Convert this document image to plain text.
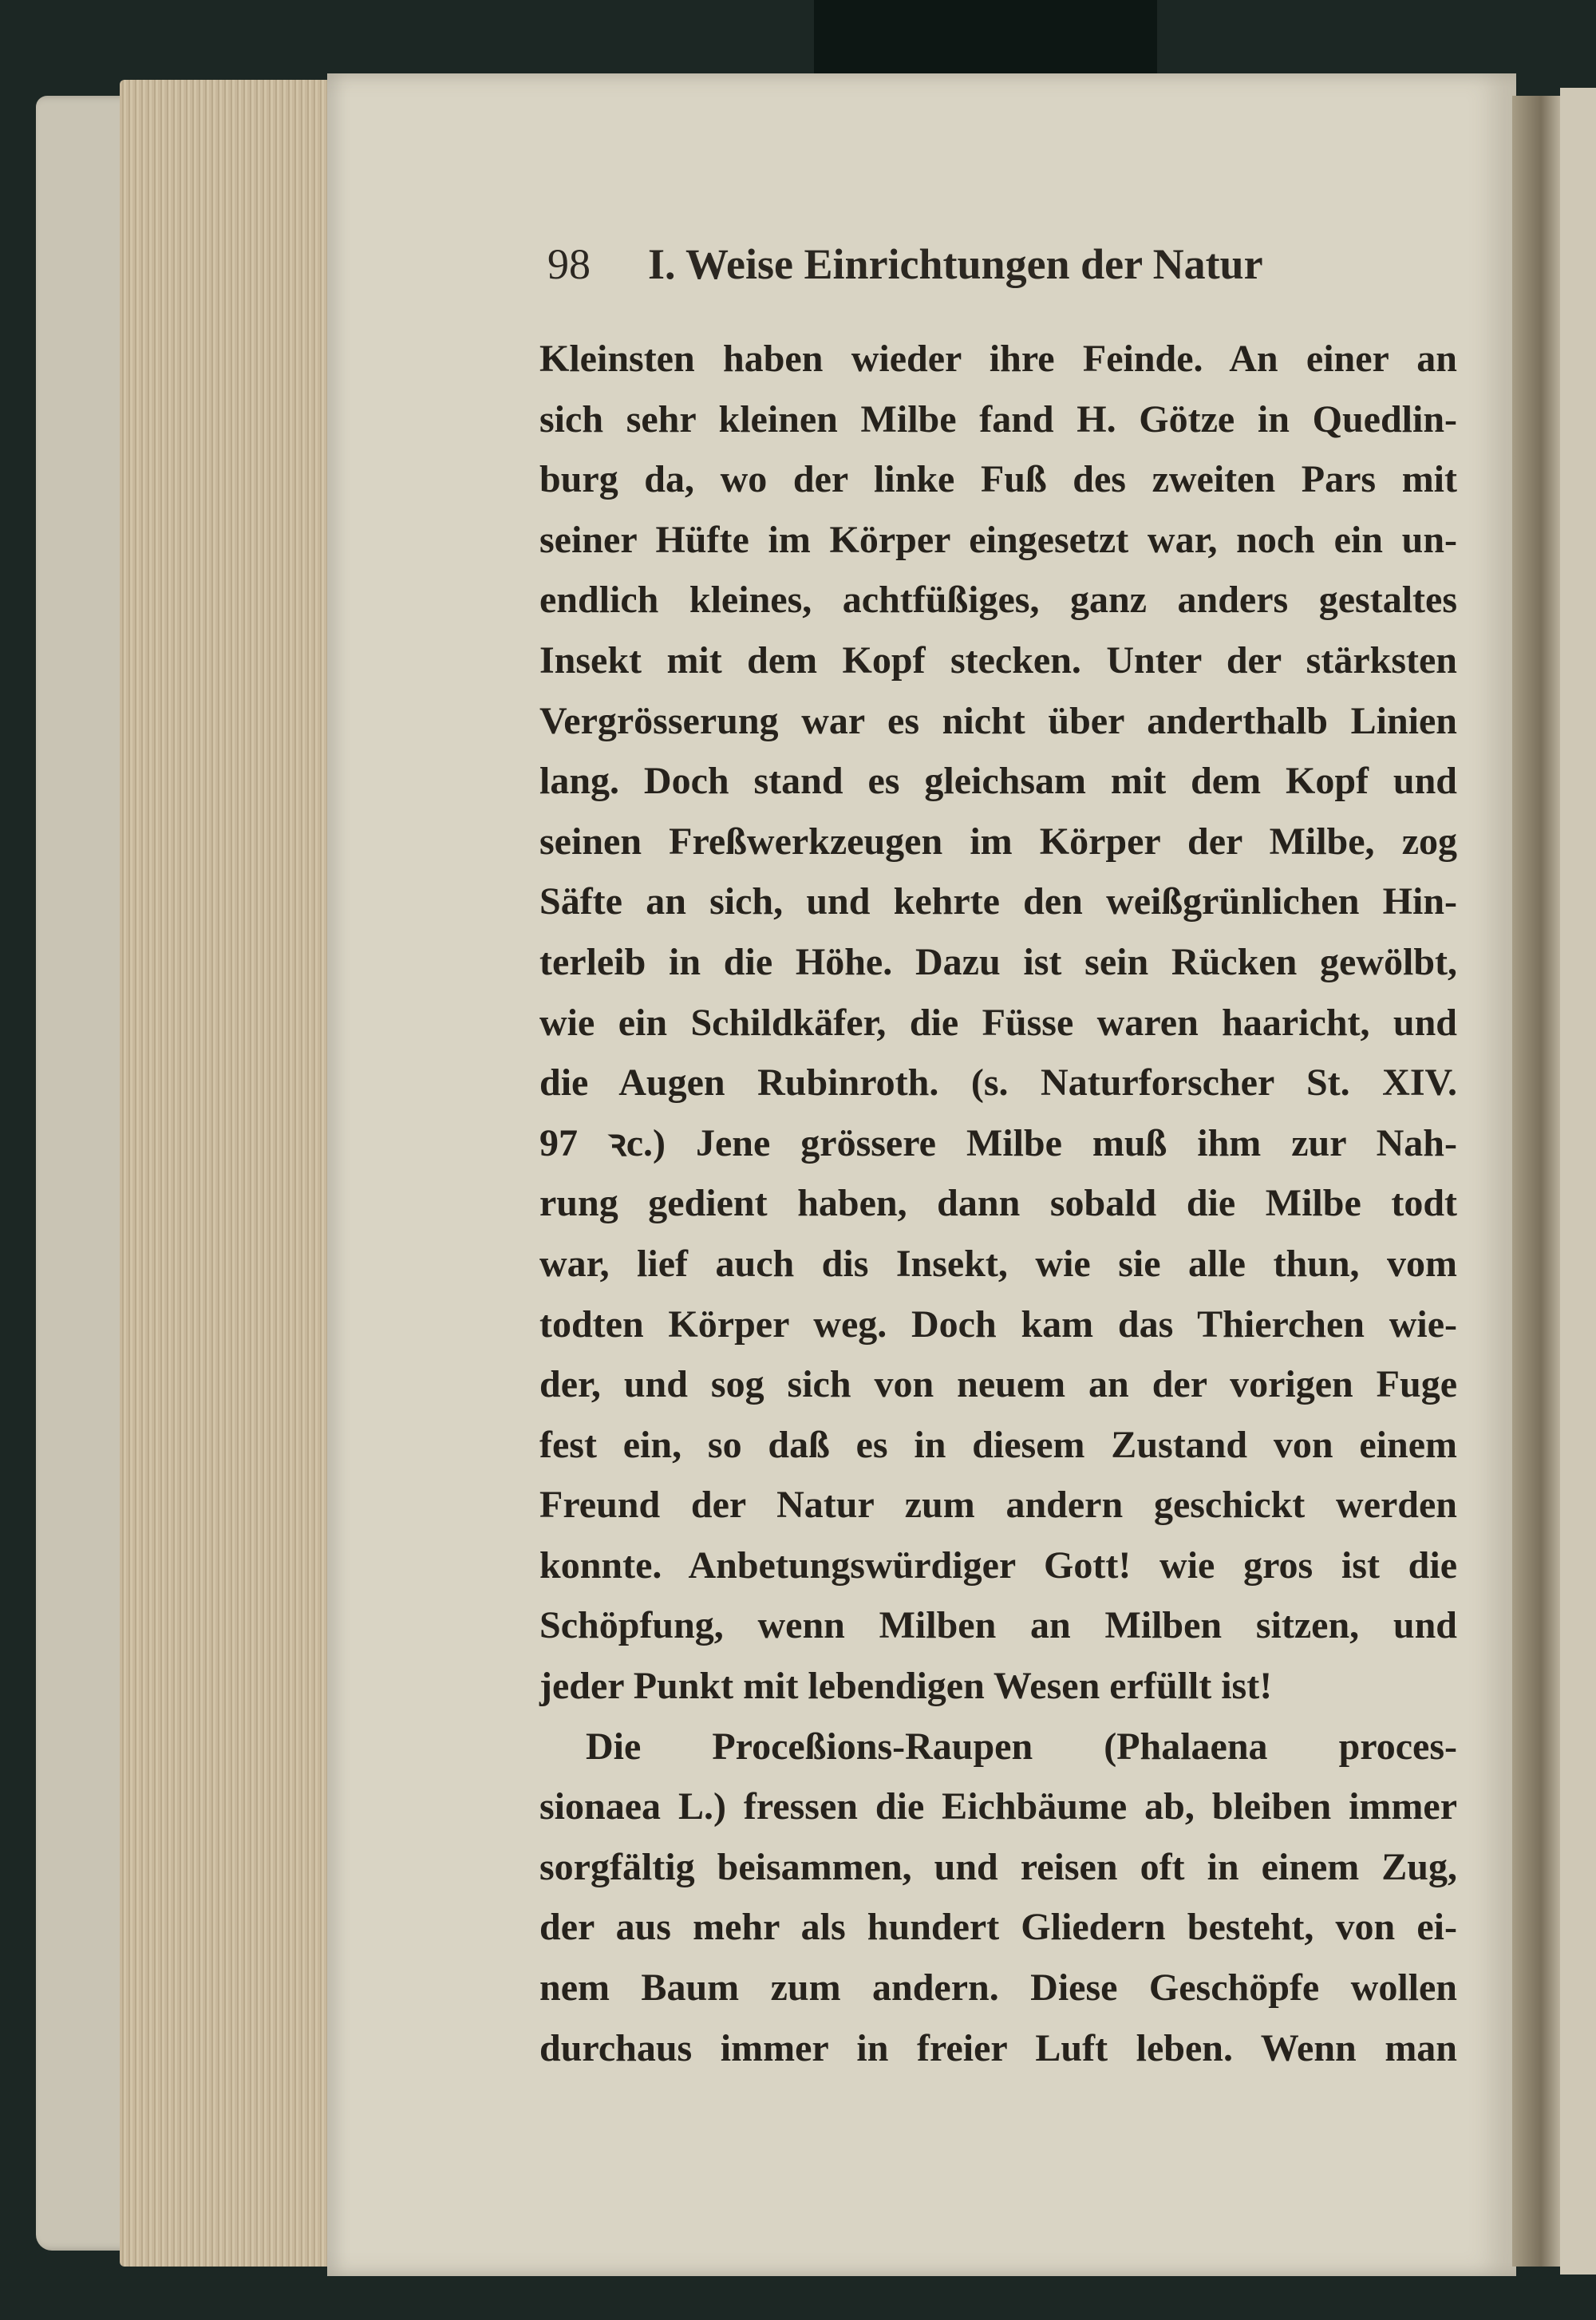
98 I. Weise Einrichtungen der Natur
Kleinsten haben wieder ihre Feinde. An einer an
sich sehr kleinen Milbe fand H. Götze in Quedlin-
burg da, wo der linke Fuß des zweiten Pars mit
seiner Hüfte im Körper eingesetzt war, noch ein un-
endlich kleines, achtfüßiges, ganz anders gestaltes
Insekt mit dem Kopf stecken. Unter der stärksten
Vergrösserung war es nicht über anderthalb Linien
lang. Doch stand es gleichsam mit dem Kopf und
seinen Freßwerkzeugen im Körper der Milbe, zog
Säfte an sich, und kehrte den weißgrünlichen Hin-
terleib in die Höhe. Dazu ist sein Rücken gewölbt,
wie ein Schildkäfer, die Füsse waren haaricht, und
die Augen Rubinroth. (s. Naturforscher St. XIV.
97 ꝛc.) Jene grössere Milbe muß ihm zur Nah-
rung gedient haben, dann sobald die Milbe todt
war, lief auch dis Insekt, wie sie alle thun, vom
todten Körper weg. Doch kam das Thierchen wie-
der, und sog sich von neuem an der vorigen Fuge
fest ein, so daß es in diesem Zustand von einem
Freund der Natur zum andern geschickt werden
konnte. Anbetungswürdiger Gott! wie gros ist die
Schöpfung, wenn Milben an Milben sitzen, und
jeder Punkt mit lebendigen Wesen erfüllt ist!
Die Proceßions-Raupen (Phalaena proces-
sionaea L.) fressen die Eichbäume ab, bleiben immer
sorgfältig beisammen, und reisen oft in einem Zug,
der aus mehr als hundert Gliedern besteht, von ei-
nem Baum zum andern. Diese Geschöpfe wollen
durchaus immer in freier Luft leben. Wenn man
